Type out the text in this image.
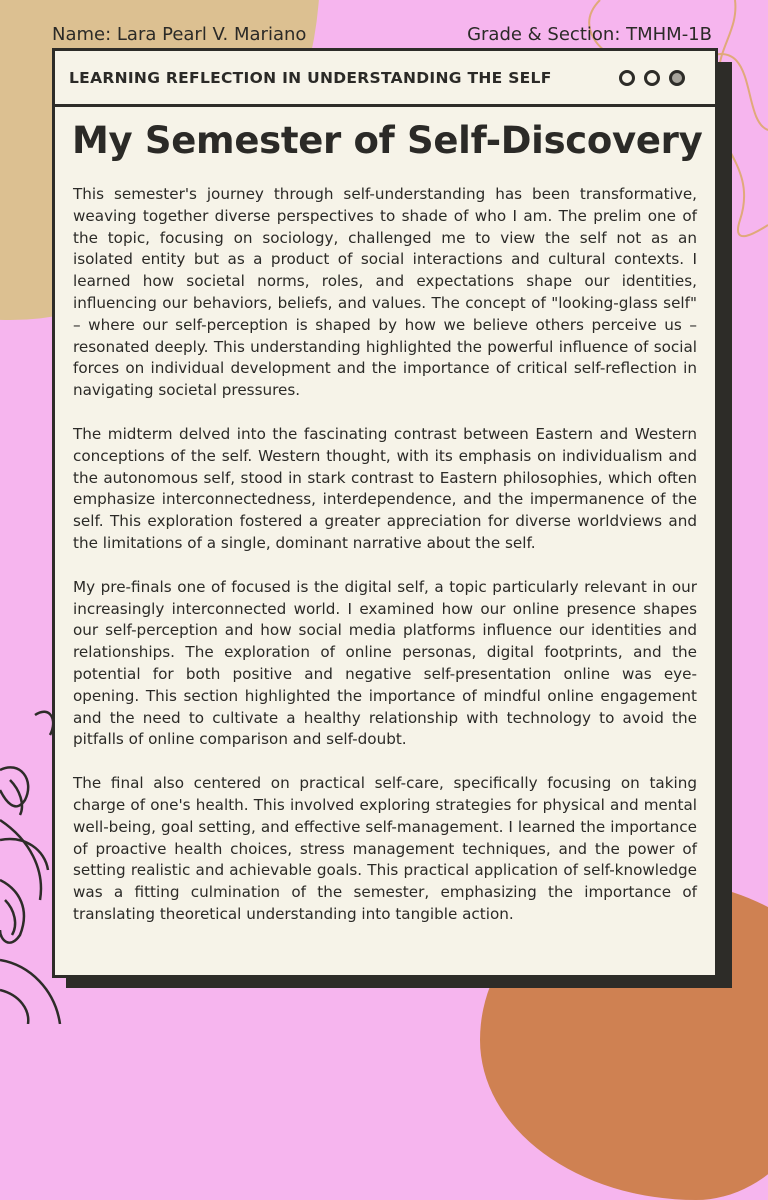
Name: Lara Pearl V. Mariano	Grade & Section: TMHM-1B
LEARNING REFLECTION IN UNDERSTANDING THE SELF
My Semester of Self-Discovery

This semester's journey through self-understanding has been transformative, weaving together diverse perspectives to shade of who I am. The prelim one of the topic, focusing on sociology, challenged me to view the self not as an isolated entity but as a product of social interactions and cultural contexts. I learned how societal norms, roles, and expectations shape our identities, influencing our behaviors, beliefs, and values. The concept of "looking-glass self" – where our self-perception is shaped by how we believe others perceive us – resonated deeply. This understanding highlighted the powerful influence of social forces on individual development and the importance of critical self-reflection in navigating societal pressures.

The midterm delved into the fascinating contrast between Eastern and Western conceptions of the self. Western thought, with its emphasis on individualism and the autonomous self, stood in stark contrast to Eastern philosophies, which often emphasize interconnectedness, interdependence, and the impermanence of the self. This exploration fostered a greater appreciation for diverse worldviews and the limitations of a single, dominant narrative about the self.

My pre-finals one of focused is the digital self, a topic particularly relevant in our increasingly interconnected world. I examined how our online presence shapes our self-perception and how social media platforms influence our identities and relationships. The exploration of online personas, digital footprints, and the potential for both positive and negative self-presentation online was eye-opening. This section highlighted the importance of mindful online engagement and the need to cultivate a healthy relationship with technology to avoid the pitfalls of online comparison and self-doubt.

The final also centered on practical self-care, specifically focusing on taking charge of one's health. This involved exploring strategies for physical and mental well-being, goal setting, and effective self-management. I learned the importance of proactive health choices, stress management techniques, and the power of setting realistic and achievable goals. This practical application of self-knowledge was a fitting culmination of the semester, emphasizing the importance of translating theoretical understanding into tangible action.
